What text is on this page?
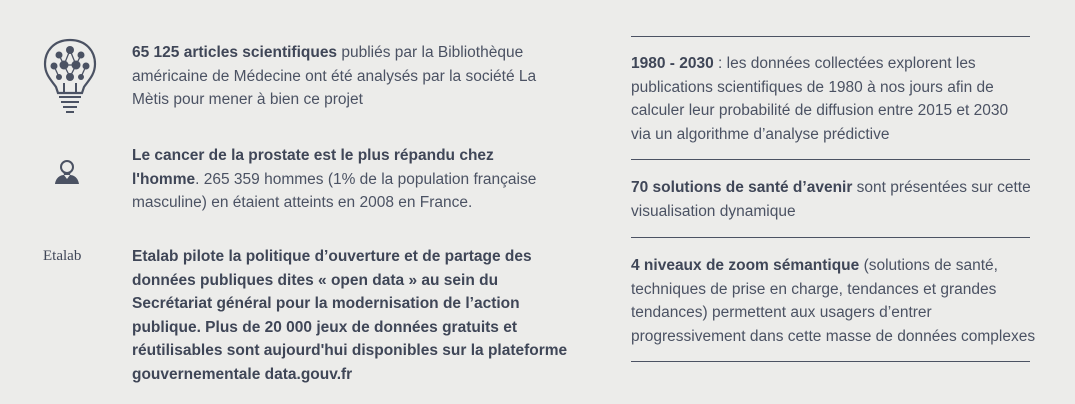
65 125 articles scientifiques publiés par la Bibliothèque américaine de Médecine ont été analysés par la société La Mètis pour mener à bien ce projet
Le cancer de la prostate est le plus répandu chez l'homme. 265 359 hommes (1% de la population française masculine) en étaient atteints en 2008 en France.
Etalab	Etalab pilote la politique d’ouverture et de partage des données publiques dites « open data » au sein du Secrétariat général pour la modernisation de l’action publique. Plus de 20 000 jeux de données gratuits et réutilisables sont aujourd'hui disponibles sur la plateforme gouvernementale data.gouv.fr
1980 - 2030 : les données collectées explorent les publications scientifiques de 1980 à nos jours afin de calculer leur probabilité de diffusion entre 2015 et 2030 via un algorithme d’analyse prédictive
70 solutions de santé d’avenir sont présentées sur cette visualisation dynamique
4 niveaux de zoom sémantique (solutions de santé, techniques de prise en charge, tendances et grandes tendances) permettent aux usagers d’entrer progressivement dans cette masse de données complexes
